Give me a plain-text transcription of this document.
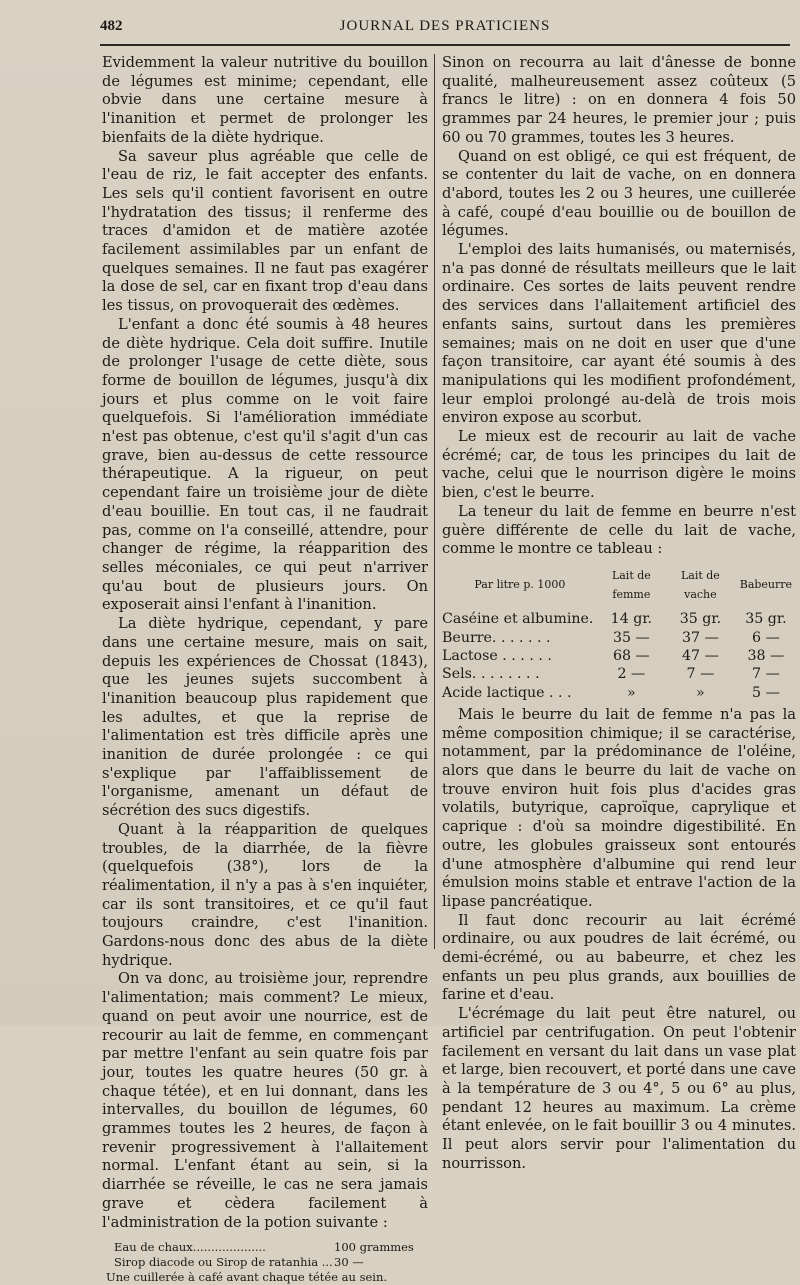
482	JOURNAL DES PRATICIENS

Evidemment la valeur nutritive du bouillon de légumes est minime; cependant, elle obvie dans une certaine mesure à l'inanition et permet de prolonger les bienfaits de la diète hydrique.

Sa saveur plus agréable que celle de l'eau de riz, le fait accepter des enfants. Les sels qu'il contient favorisent en outre l'hydratation des tissus; il renferme des traces d'amidon et de matière azotée facilement assimilables par un enfant de quelques semaines. Il ne faut pas exagérer la dose de sel, car en fixant trop d'eau dans les tissus, on provoquerait des œdèmes.

L'enfant a donc été soumis à 48 heures de diète hydrique. Cela doit suffire. Inutile de prolonger l'usage de cette diète, sous forme de bouillon de légumes, jusqu'à dix jours et plus comme on le voit faire quelquefois. Si l'amélioration immédiate n'est pas obtenue, c'est qu'il s'agit d'un cas grave, bien au-dessus de cette ressource thérapeutique. A la rigueur, on peut cependant faire un troisième jour de diète d'eau bouillie. En tout cas, il ne faudrait pas, comme on l'a conseillé, attendre, pour changer de régime, la réapparition des selles méconiales, ce qui peut n'arriver qu'au bout de plusieurs jours. On exposerait ainsi l'enfant à l'inanition.

La diète hydrique, cependant, y pare dans une certaine mesure, mais on sait, depuis les expériences de Chossat (1843), que les jeunes sujets succombent à l'inanition beaucoup plus rapidement que les adultes, et que la reprise de l'alimentation est très difficile après une inanition de durée prolongée : ce qui s'explique par l'affaiblissement de l'organisme, amenant un défaut de sécrétion des sucs digestifs.

Quant à la réapparition de quelques troubles, de la diarrhée, de la fièvre (quelquefois (38°), lors de la réalimentation, il n'y a pas à s'en inquiéter, car ils sont transitoires, et ce qu'il faut toujours craindre, c'est l'inanition. Gardons-nous donc des abus de la diète hydrique.

On va donc, au troisième jour, reprendre l'alimentation; mais comment? Le mieux, quand on peut avoir une nourrice, est de recourir au lait de femme, en commençant par mettre l'enfant au sein quatre fois par jour, toutes les quatre heures (50 gr. à chaque tétée), et en lui donnant, dans les intervalles, du bouillon de légumes, 60 grammes toutes les 2 heures, de façon à revenir progressivement à l'allaitement normal. L'enfant étant au sein, si la diarrhée se réveille, le cas ne sera jamais grave et cèdera facilement à l'administration de la potion suivante :

Eau de chaux....................	100 grammes
Sirop diacode ou Sirop de ratanhia ... 30 —
Une cuillerée à café avant chaque tétée au sein.

Sinon on recourra au lait d'ânesse de bonne qualité, malheureusement assez coûteux (5 francs le litre) : on en donnera 4 fois 50 grammes par 24 heures, le premier jour ; puis 60 ou 70 grammes, toutes les 3 heures.

Quand on est obligé, ce qui est fréquent, de se contenter du lait de vache, on en donnera d'abord, toutes les 2 ou 3 heures, une cuillerée à café, coupé d'eau bouillie ou de bouillon de légumes.

L'emploi des laits humanisés, ou maternisés, n'a pas donné de résultats meilleurs que le lait ordinaire. Ces sortes de laits peuvent rendre des services dans l'allaitement artificiel des enfants sains, surtout dans les premières semaines; mais on ne doit en user que d'une façon transitoire, car ayant été soumis à des manipulations qui les modifient profondément, leur emploi prolongé au-delà de trois mois environ expose au scorbut.

Le mieux est de recourir au lait de vache écrémé; car, de tous les principes du lait de vache, celui que le nourrison digère le moins bien, c'est le beurre.

La teneur du lait de femme en beurre n'est guère différente de celle du lait de vache, comme le montre ce tableau :

Par litre p. 1000	Lait de femme	Lait de vache	Babeurre
Caséine et albumine.	14 gr.	35 gr.	35 gr.
Beurre. . . . . . .	35 —	37 —	6 —
Lactose . . . . . .	68 —	47 —	38 —
Sels. . . . . . . .	2 —	7 —	7 —
Acide lactique . . .	»	»	5 —

Mais le beurre du lait de femme n'a pas la même composition chimique; il se caractérise, notamment, par la prédominance de l'oléine, alors que dans le beurre du lait de vache on trouve environ huit fois plus d'acides gras volatils, butyrique, caproïque, caprylique et caprique : d'où sa moindre digestibilité. En outre, les globules graisseux sont entourés d'une atmosphère d'albumine qui rend leur émulsion moins stable et entrave l'action de la lipase pancréatique.

Il faut donc recourir au lait écrémé ordinaire, ou aux poudres de lait écrémé, ou demi-écrémé, ou au babeurre, et chez les enfants un peu plus grands, aux bouillies de farine et d'eau.

L'écrémage du lait peut être naturel, ou artificiel par centrifugation. On peut l'obtenir facilement en versant du lait dans un vase plat et large, bien recouvert, et porté dans une cave à la température de 3 ou 4°, 5 ou 6° au plus, pendant 12 heures au maximum. La crème étant enlevée, on le fait bouillir 3 ou 4 minutes. Il peut alors servir pour l'alimentation du nourrisson.
